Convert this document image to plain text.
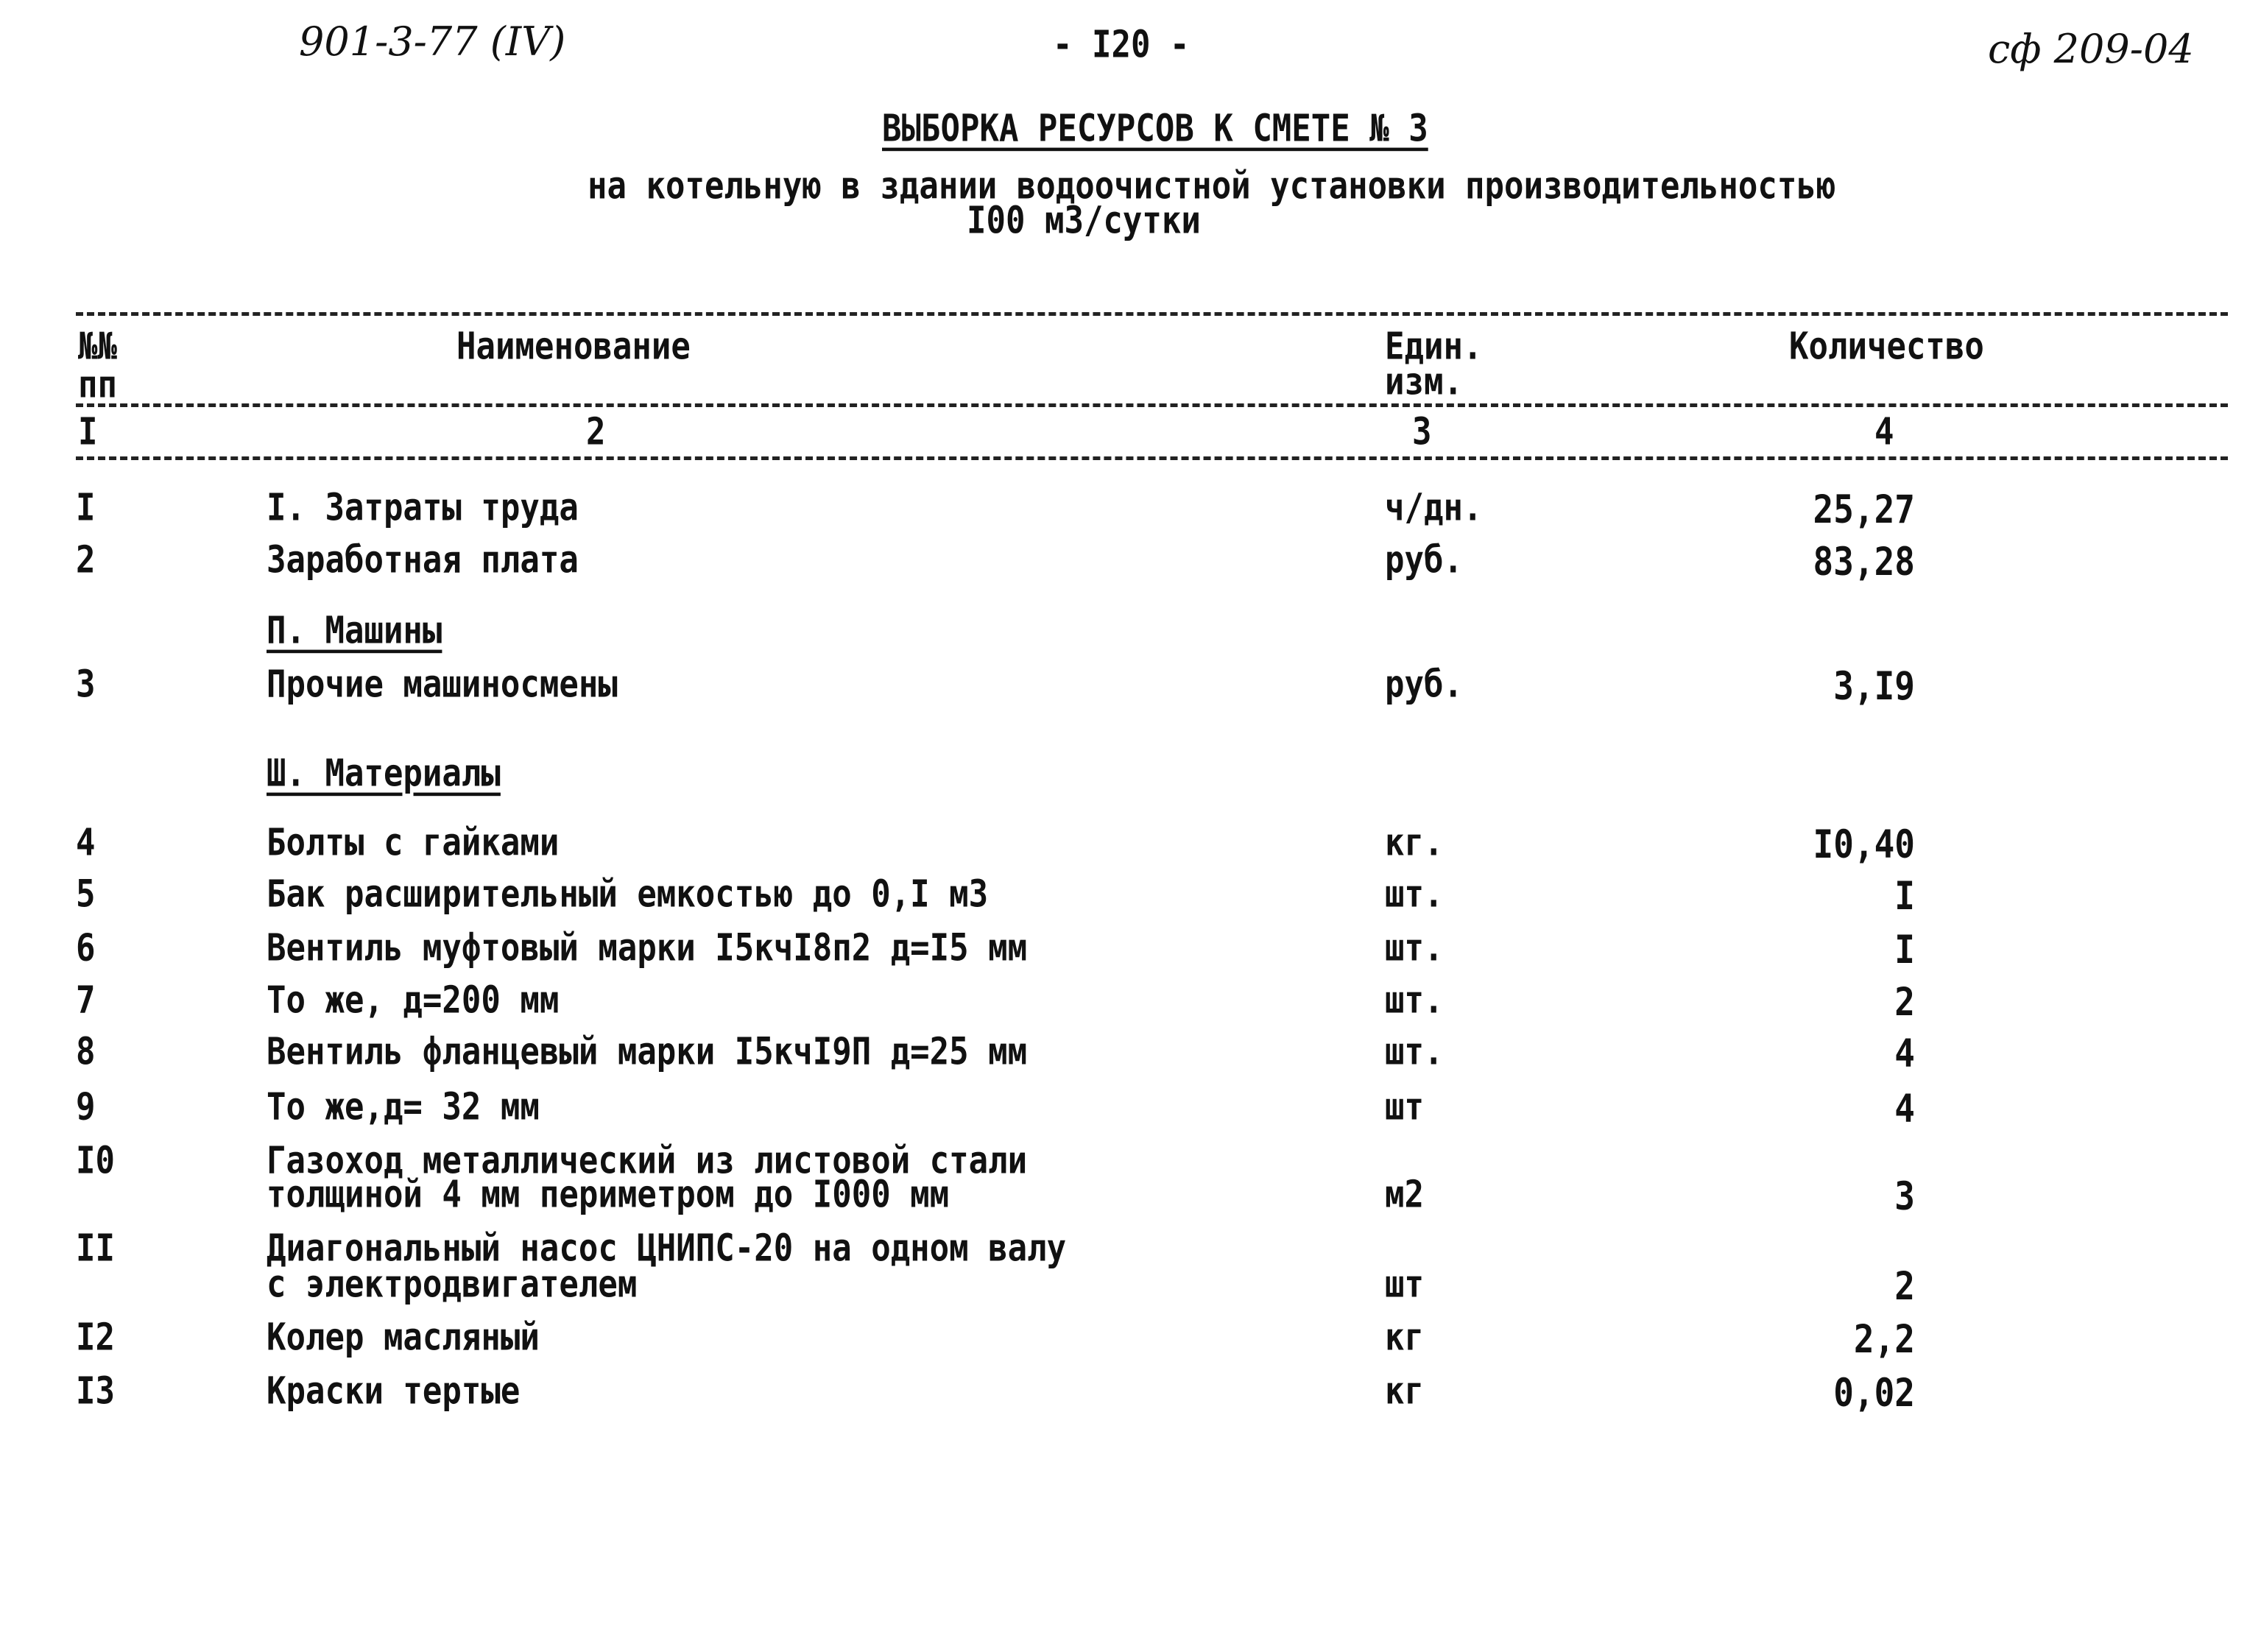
901-3-77 (IV)	- I20 -	сф 209-04
ВЫБОРКА РЕСУРСОВ К СМЕТЕ № 3
на котельную в здании водоочистной установки производительностью
I00 м3/сутки
№№
пп
Наименование	Един.
изм.
Количество
I	2	3	4
I	I. Затраты труда	ч/дн.	25,27
2	Заработная плата	руб.	83,28
П. Машины
3	Прочие машиносмены	руб.	3,I9
Ш. Материалы
4	Болты с гайками	кг.	I0,40
5	Бак расширительный емкостью до 0,I м3	шт.	I
6	Вентиль муфтовый марки I5кчI8п2 д=I5 мм	шт.	I
7	То же, д=200 мм	шт.	2
8	Вентиль фланцевый марки I5кчI9П д=25 мм	шт.	4
9	То же,д= 32 мм	шт	4
I0	Газоход металлический из листовой стали
толщиной 4 мм периметром до I000 мм	м2	3
II	Диагональный насос ЦНИПС-20 на одном валу
с электродвигателем	шт	2
I2	Колер масляный	кг	2,2
I3	Краски тертые	кг	0,02
